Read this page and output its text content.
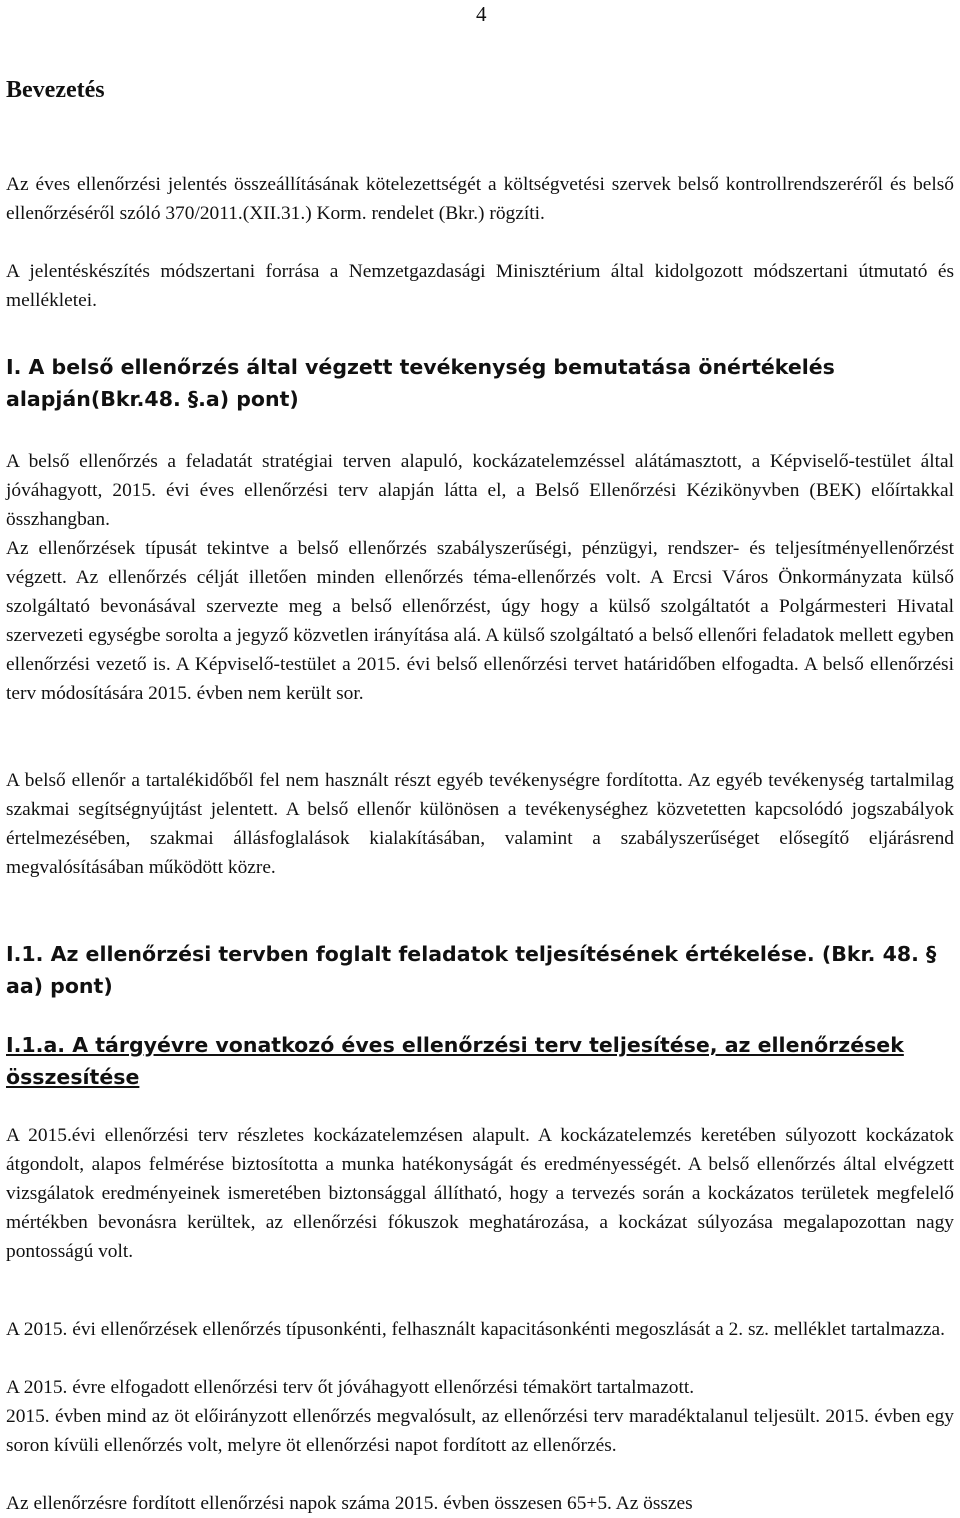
4
Bevezetés

Az éves ellenőrzési jelentés összeállításának kötelezettségét a költségvetési szervek belső kontrollrendszeréről és belső ellenőrzéséről szóló 370/2011.(XII.31.) Korm. rendelet (Bkr.) rögzíti.

A jelentéskészítés módszertani forrása a Nemzetgazdasági Minisztérium által kidolgozott módszertani útmutató és mellékletei.

I. A belső ellenőrzés által végzett tevékenység bemutatása önértékelés alapján(Bkr.48. §.a) pont)

A belső ellenőrzés a feladatát stratégiai terven alapuló, kockázatelemzéssel alátámasztott, a Képviselő-testület által jóváhagyott, 2015. évi éves ellenőrzési terv alapján látta el, a Belső Ellenőrzési Kézikönyvben (BEK) előírtakkal összhangban.

Az ellenőrzések típusát tekintve a belső ellenőrzés szabályszerűségi, pénzügyi, rendszer- és teljesítményellenőrzést végzett. Az ellenőrzés célját illetően minden ellenőrzés téma-ellenőrzés volt. A Ercsi Város Önkormányzata külső szolgáltató bevonásával szervezte meg a belső ellenőrzést, úgy hogy a külső szolgáltatót a Polgármesteri Hivatal szervezeti egységbe sorolta a jegyző közvetlen irányítása alá. A külső szolgáltató a belső ellenőri feladatok mellett egyben ellenőrzési vezető is. A Képviselő-testület a 2015. évi belső ellenőrzési tervet határidőben elfogadta. A belső ellenőrzési terv módosítására 2015. évben nem került sor.

A belső ellenőr a tartalékidőből fel nem használt részt egyéb tevékenységre fordította. Az egyéb tevékenység tartalmilag szakmai segítségnyújtást jelentett. A belső ellenőr különösen a tevékenységhez közvetetten kapcsolódó jogszabályok értelmezésében, szakmai állásfoglalások kialakításában, valamint a szabályszerűséget elősegítő eljárásrend megvalósításában működött közre.

I.1. Az ellenőrzési tervben foglalt feladatok teljesítésének értékelése. (Bkr. 48. § aa) pont)
I.1.a. A tárgyévre vonatkozó éves ellenőrzési terv teljesítése, az ellenőrzések összesítése

A 2015.évi ellenőrzési terv részletes kockázatelemzésen alapult. A kockázatelemzés keretében súlyozott kockázatok átgondolt, alapos felmérése biztosította a munka hatékonyságát és eredményességét. A belső ellenőrzés által elvégzett vizsgálatok eredményeinek ismeretében biztonsággal állítható, hogy a tervezés során a kockázatos területek megfelelő mértékben bevonásra kerültek, az ellenőrzési fókuszok meghatározása, a kockázat súlyozása megalapozottan nagy pontosságú volt.

A 2015. évi ellenőrzések ellenőrzés típusonkénti, felhasznált kapacitásonkénti megoszlását a 2. sz. melléklet tartalmazza.

A 2015. évre elfogadott ellenőrzési terv őt jóváhagyott ellenőrzési témakört tartalmazott.

2015. évben mind az öt előirányzott ellenőrzés megvalósult, az ellenőrzési terv maradéktalanul teljesült. 2015. évben egy soron kívüli ellenőrzés volt, melyre öt ellenőrzési napot fordított az ellenőrzés.

Az ellenőrzésre fordított ellenőrzési napok száma 2015. évben összesen 65+5. Az összes
